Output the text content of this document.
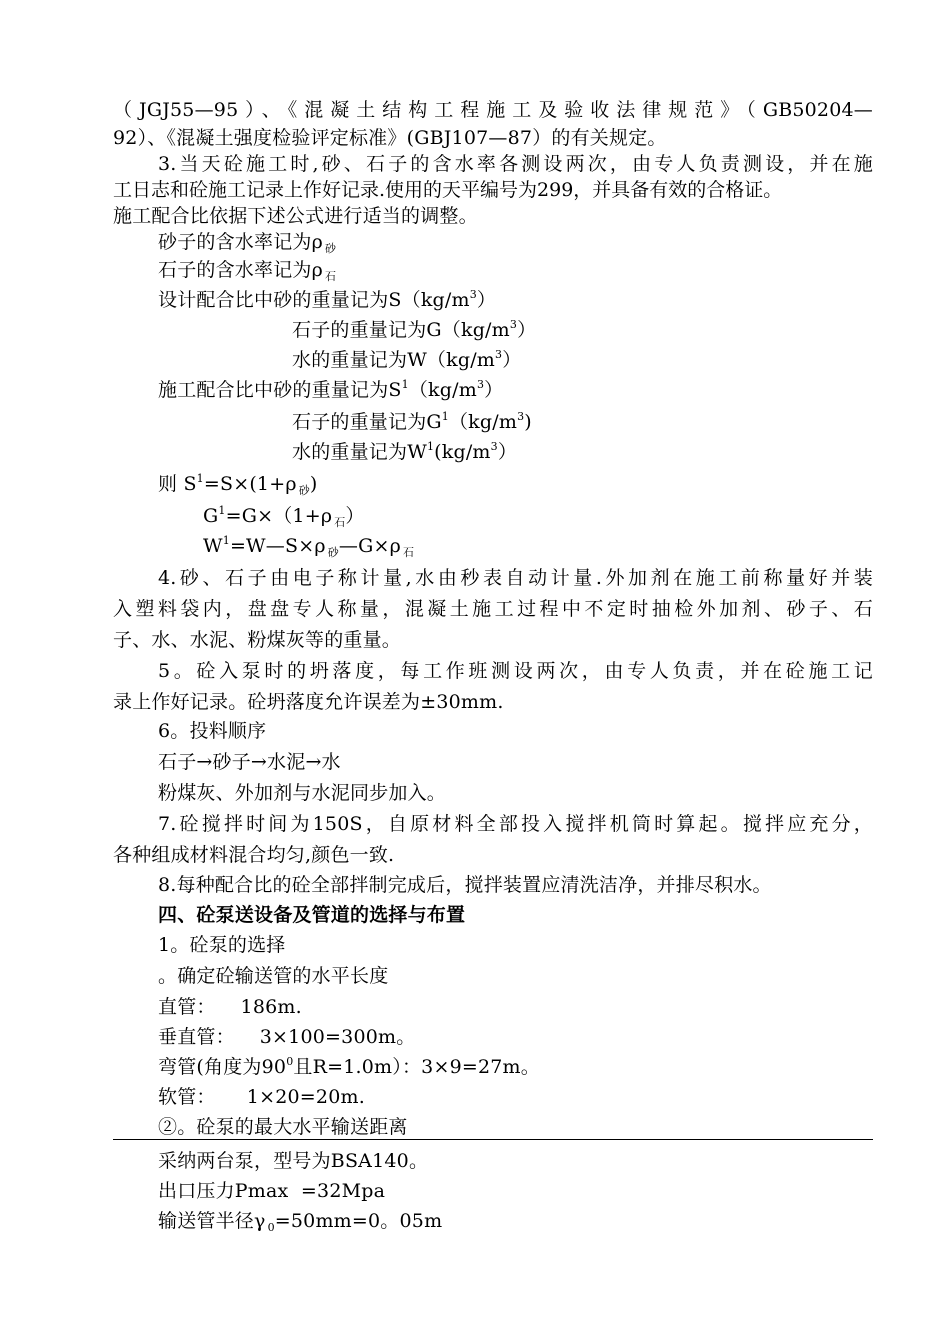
（JGJ55—95）、《混凝土结构工程施工及验收法律规范》（GB50204—
92）、《混凝土强度检验评定标准》(GBJ107—87）的有关规定。
3.当天砼施工时,砂、石子的含水率各测设两次，由专人负责测设，并在施
工日志和砼施工记录上作好记录.使用的天平编号为299，并具备有效的合格证。
施工配合比依据下述公式进行适当的调整。
砂子的含水率记为ρ $_砂$
石子的含水率记为ρ $_石$
设计配合比中砂的重量记为$S(kg/m^3)$
石子的重量记为$G(kg/m^3)$
水的重量记为$W(kg/m^3)$
施工配合比中砂的重量记为$S^1(kg/m^3)$
石子的重量记为$G^1(kg/m^3)$
水的重量记为$W^1(kg/m^3)$
则 $S^1=S\times(1+\rho$ $_砂$)
$G^1=G\times(1+\rho$ $_石$）
$W^1=W—S\times\rho$ $_砂$—G×ρ $_石$
4.砂、石子由电子称计量,水由秒表自动计量.外加剂在施工前称量好并装
入塑料袋内，盘盘专人称量，混凝土施工过程中不定时抽检外加剂、砂子、石
子、水、水泥、粉煤灰等的重量。
5。砼入泵时的坍落度，每工作班测设两次，由专人负责，并在砼施工记
录上作好记录。砼坍落度允许误差为±30mm.
6。投料顺序
石子→砂子→水泥→水
粉煤灰、外加剂与水泥同步加入。
7.砼搅拌时间为150S，自原材料全部投入搅拌机筒时算起。搅拌应充分，
各种组成材料混合均匀,颜色一致.
8.每种配合比的砼全部拌制完成后，搅拌装置应清洗洁净，并排尽积水。
四、砼泵送设备及管道的选择与布置
1。砼泵的选择
。确定砼输送管的水平长度
直管：    186m.
垂直管：    3×100=300m。
弯管(角度为$90^0$且R=1.0m）：3×9=27m。
软管：     1×20=20m.
②。砼泵的最大水平输送距离
采纳两台泵，型号为BSA140。
出口压力Pmax  =32Mpa
输送管半径γ $_0$=50mm=0。05m
